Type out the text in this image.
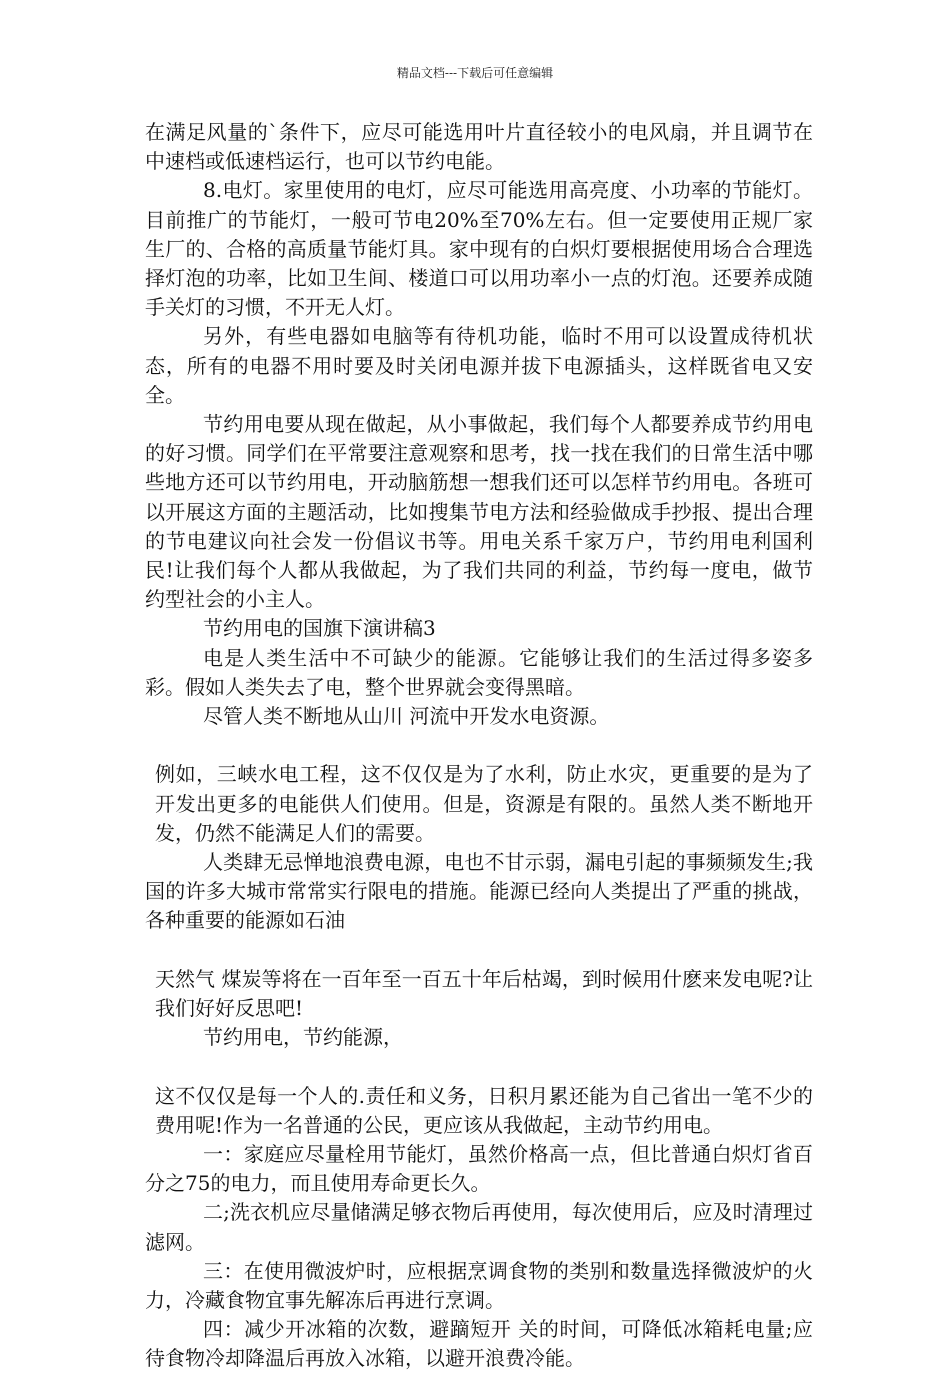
精品文档---下载后可任意编辑

在满足风量的`条件下，应尽可能选用叶片直径较小的电风扇，并且调节在中速档或低速档运行，也可以节约电能。

8.电灯。家里使用的电灯，应尽可能选用高亮度、小功率的节能灯。目前推广的节能灯，一般可节电20%至70%左右。但一定要使用正规厂家生厂的、合格的高质量节能灯具。家中现有的白炽灯要根据使用场合合理选择灯泡的功率，比如卫生间、楼道口可以用功率小一点的灯泡。还要养成随手关灯的习惯，不开无人灯。

另外，有些电器如电脑等有待机功能，临时不用可以设置成待机状态，所有的电器不用时要及时关闭电源并拔下电源插头，这样既省电又安全。

节约用电要从现在做起，从小事做起，我们每个人都要养成节约用电的好习惯。同学们在平常要注意观察和思考，找一找在我们的日常生活中哪些地方还可以节约用电，开动脑筋想一想我们还可以怎样节约用电。各班可以开展这方面的主题活动，比如搜集节电方法和经验做成手抄报、提出合理的节电建议向社会发一份倡议书等。用电关系千家万户，节约用电利国利民!让我们每个人都从我做起，为了我们共同的利益，节约每一度电，做节约型社会的小主人。

节约用电的国旗下演讲稿3

电是人类生活中不可缺少的能源。它能够让我们的生活过得多姿多彩。假如人类失去了电，整个世界就会变得黑暗。

尽管人类不断地从山川 河流中开发水电资源。

例如，三峡水电工程，这不仅仅是为了水利，防止水灾，更重要的是为了开发出更多的电能供人们使用。但是，资源是有限的。虽然人类不断地开发，仍然不能满足人们的需要。

人类肆无忌惮地浪费电源，电也不甘示弱，漏电引起的事频频发生;我国的许多大城市常常实行限电的措施。能源已经向人类提出了严重的挑战，各种重要的能源如石油

天然气 煤炭等将在一百年至一百五十年后枯竭，到时候用什麽来发电呢?让我们好好反思吧!

节约用电，节约能源，

这不仅仅是每一个人的.责任和义务，日积月累还能为自己省出一笔不少的费用呢!作为一名普通的公民，更应该从我做起，主动节约用电。

一：家庭应尽量栓用节能灯，虽然价格高一点，但比普通白炽灯省百分之75的电力，而且使用寿命更长久。

二;洗衣机应尽量储满足够衣物后再使用，每次使用后，应及时清理过滤网。

三：在使用微波炉时，应根据烹调食物的类别和数量选择微波炉的火力，冷藏食物宜事先解冻后再进行烹调。

四：减少开冰箱的次数，避蹢短开 关的时间，可降低冰箱耗电量;应待食物冷却降温后再放入冰箱，以避开浪费冷能。
